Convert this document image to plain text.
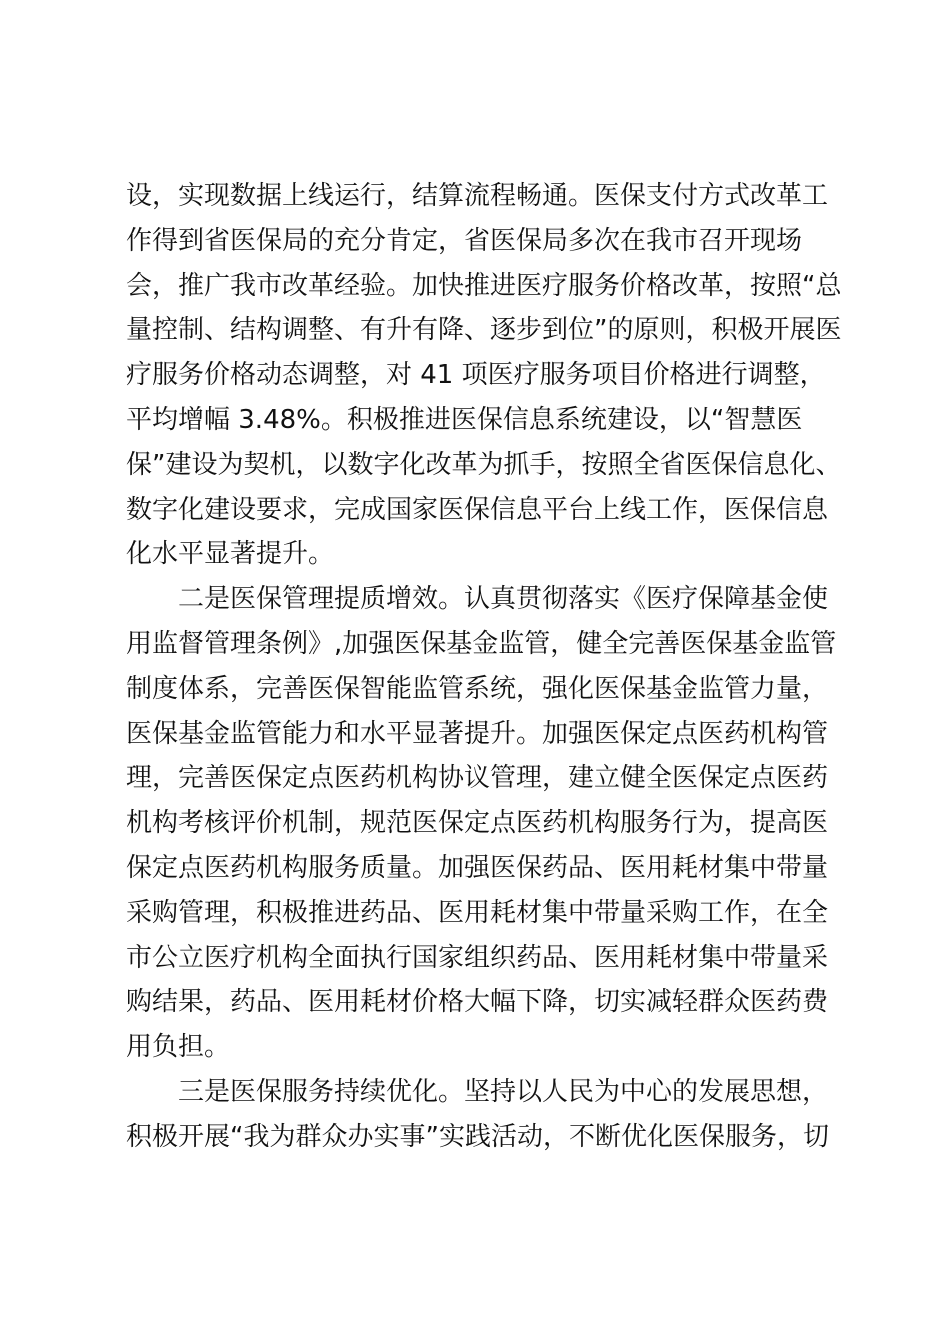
设，实现数据上线运行，结算流程畅通。医保支付方式改革工
作得到省医保局的充分肯定，省医保局多次在我市召开现场
会，推广我市改革经验。加快推进医疗服务价格改革，按照“总
量控制、结构调整、有升有降、逐步到位”的原则，积极开展医
疗服务价格动态调整，对 41 项医疗服务项目价格进行调整，
平均增幅 3.48%。积极推进医保信息系统建设，以“智慧医
保”建设为契机，以数字化改革为抓手，按照全省医保信息化、
数字化建设要求，完成国家医保信息平台上线工作，医保信息
化水平显著提升。
二是医保管理提质增效。认真贯彻落实《医疗保障基金使
用监督管理条例》,加强医保基金监管，健全完善医保基金监管
制度体系，完善医保智能监管系统，强化医保基金监管力量，
医保基金监管能力和水平显著提升。加强医保定点医药机构管
理，完善医保定点医药机构协议管理，建立健全医保定点医药
机构考核评价机制，规范医保定点医药机构服务行为，提高医
保定点医药机构服务质量。加强医保药品、医用耗材集中带量
采购管理，积极推进药品、医用耗材集中带量采购工作，在全
市公立医疗机构全面执行国家组织药品、医用耗材集中带量采
购结果，药品、医用耗材价格大幅下降，切实减轻群众医药费
用负担。
三是医保服务持续优化。坚持以人民为中心的发展思想，
积极开展“我为群众办实事”实践活动，不断优化医保服务，切
